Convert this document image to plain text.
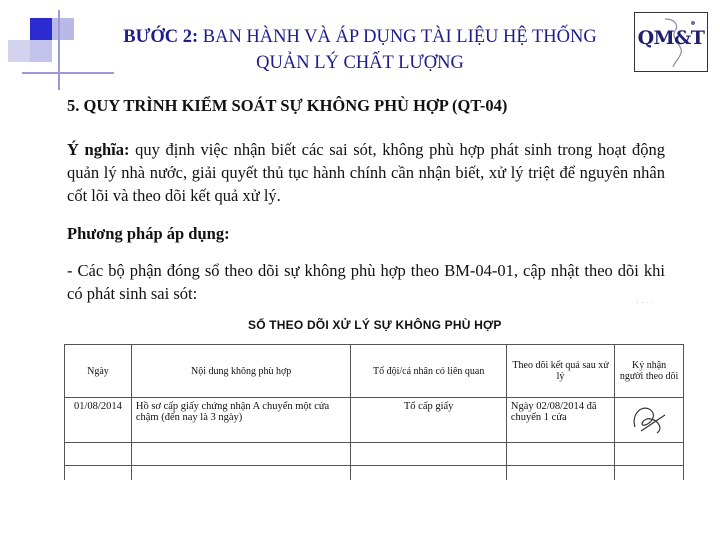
BƯỚC 2: BAN HÀNH VÀ ÁP DỤNG TÀI LIỆU HỆ THỐNG QUẢN LÝ CHẤT LƯỢNG
QM&T
5. QUY TRÌNH KIỂM SOÁT SỰ KHÔNG PHÙ HỢP (QT-04)
Ý nghĩa: quy định việc nhận biết các sai sót, không phù hợp phát sinh trong hoạt động quản lý nhà nước, giải quyết thủ tục hành chính cần nhận biết, xử lý triệt để nguyên nhân cốt lõi và theo dõi kết quả xử lý.
Phương pháp áp dụng:
- Các bộ phận đóng sổ theo dõi sự không phù hợp theo BM-04-01, cập nhật theo dõi khi có phát sinh sai sót:	· · · ·
SỔ THEO DÕI XỬ LÝ SỰ KHÔNG PHÙ HỢP
Ngày	Nội dung không phù hợp	Tổ đội/cá nhân có liên quan	Theo dõi kết quả sau xử lý	Ký nhận người theo dõi
01/08/2014	Hồ sơ cấp giấy chứng nhận A chuyển một cửa chậm (đến nay là 3 ngày)	Tổ cấp giấy	Ngày 02/08/2014 đã chuyển 1 cửa	
